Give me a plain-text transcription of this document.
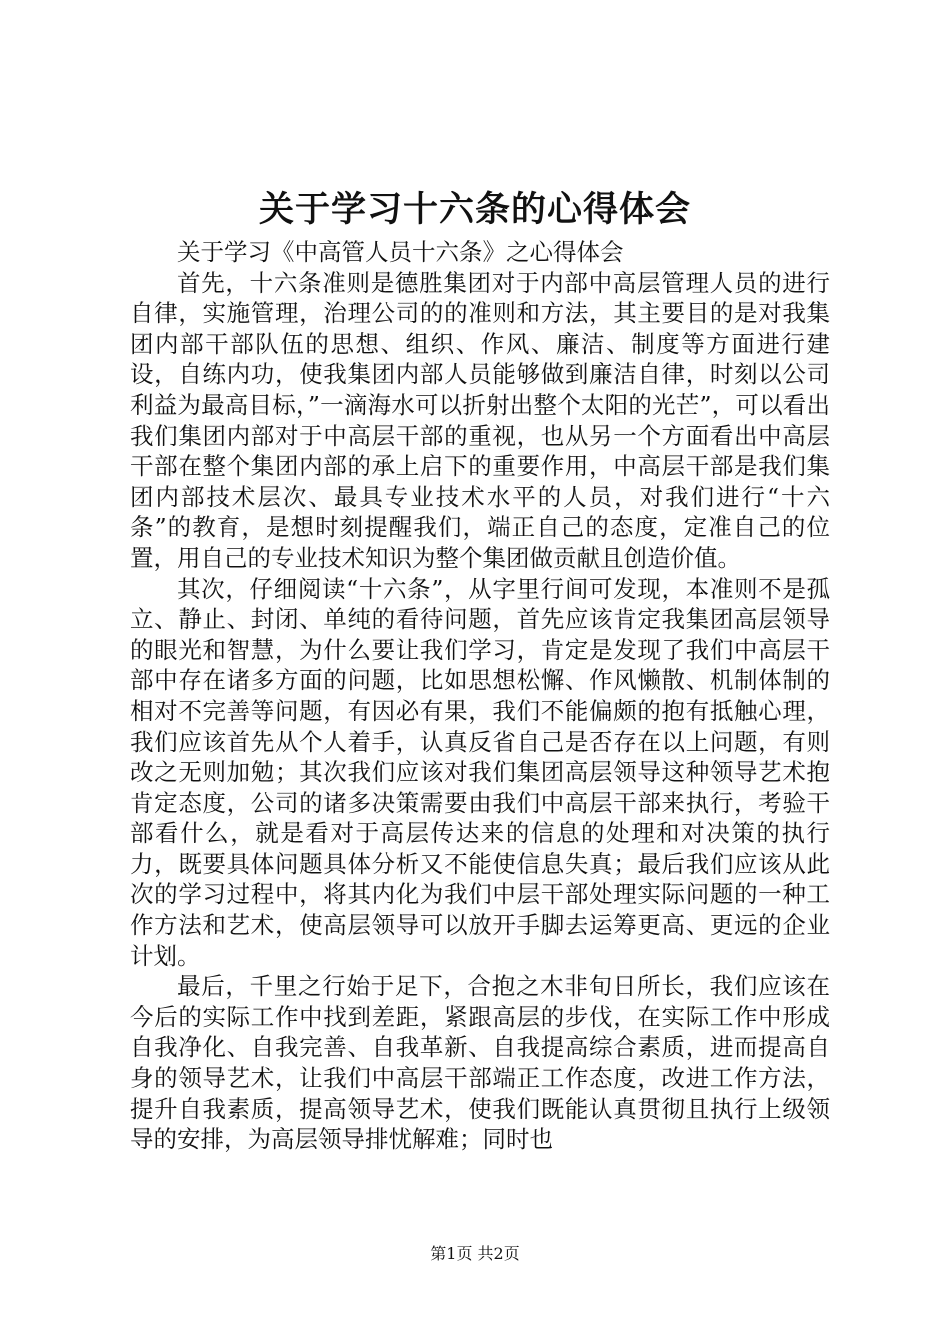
关于学习十六条的心得体会

关于学习《中高管人员十六条》之心得体会

首先，十六条准则是德胜集团对于内部中高层管理人员的进行自律，实施管理，治理公司的的准则和方法，其主要目的是对我集团内部干部队伍的思想、组织、作风、廉洁、制度等方面进行建设，自练内功，使我集团内部人员能够做到廉洁自律，时刻以公司利益为最高目标，”一滴海水可以折射出整个太阳的光芒”，可以看出我们集团内部对于中高层干部的重视，也从另一个方面看出中高层干部在整个集团内部的承上启下的重要作用，中高层干部是我们集团内部技术层次、最具专业技术水平的人员，对我们进行“十六条”的教育，是想时刻提醒我们，端正自己的态度，定准自己的位置，用自己的专业技术知识为整个集团做贡献且创造价值。

其次，仔细阅读“十六条”，从字里行间可发现，本准则不是孤立、静止、封闭、单纯的看待问题，首先应该肯定我集团高层领导的眼光和智慧，为什么要让我们学习，肯定是发现了我们中高层干部中存在诸多方面的问题，比如思想松懈、作风懒散、机制体制的相对不完善等问题，有因必有果，我们不能偏颇的抱有抵触心理，我们应该首先从个人着手，认真反省自己是否存在以上问题，有则改之无则加勉；其次我们应该对我们集团高层领导这种领导艺术抱肯定态度，公司的诸多决策需要由我们中高层干部来执行，考验干部看什么，就是看对于高层传达来的信息的处理和对决策的执行力，既要具体问题具体分析又不能使信息失真；最后我们应该从此次的学习过程中，将其内化为我们中层干部处理实际问题的一种工作方法和艺术，使高层领导可以放开手脚去运筹更高、更远的企业计划。

最后，千里之行始于足下，合抱之木非旬日所长，我们应该在今后的实际工作中找到差距，紧跟高层的步伐，在实际工作中形成自我净化、自我完善、自我革新、自我提高综合素质，进而提高自身的领导艺术，让我们中高层干部端正工作态度，改进工作方法，提升自我素质，提高领导艺术，使我们既能认真贯彻且执行上级领导的安排，为高层领导排忧解难；同时也

第1页 共2页
